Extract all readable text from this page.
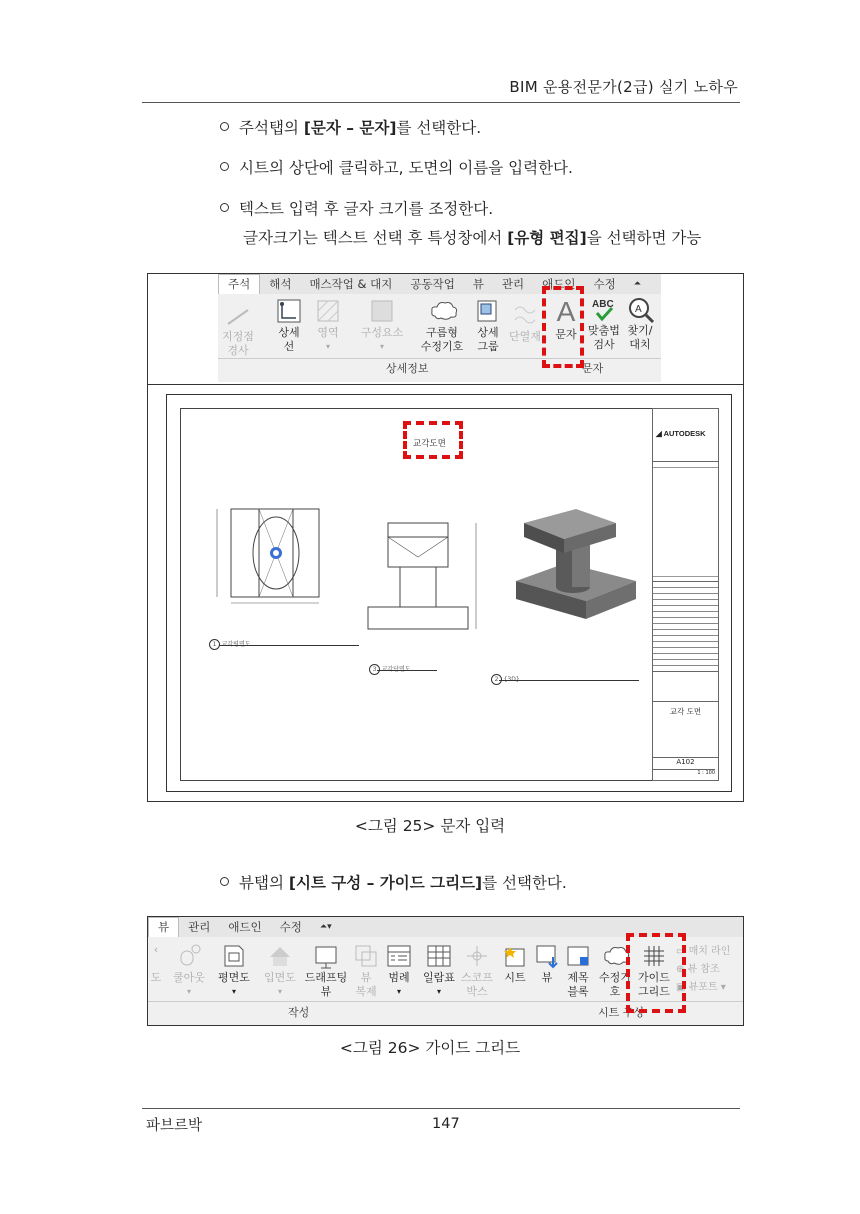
BIM 운용전문가(2급) 실기 노하우
주석탭의 [문자 – 문자]를 선택한다.
시트의 상단에 클릭하고, 도면의 이름을 입력한다.
텍스트 입력 후 글자 크기를 조정한다.
글자크기는 텍스트 선택 후 특성창에서 [유형 편집]을 선택하면 가능
주석	해석	매스작업 & 대지	공동작업	뷰	관리	애드인	수정	⏶
지정점
경사
상세
선
영역
▾
구성요소
▾
구름형
수정기호
상세
그룹
단열재
A
문자
ABC
맞춤법
검사
A
찾기/
대치
상세정보	문자
교각도면
1
3
2
◢ AUTODESK
교각 도면
A102
1 : 100
<그림 25> 문자 입력
뷰탭의 [시트 구성 – 가이드 그리드]를 선택한다.
뷰	관리	애드인	수정	⏶▾
‹
도 쿨아웃
▾
평면도
▾
입면도
▾
드래프팅
뷰
뷰
복제
범례
▾
일람표
▾
스코프
박스
시트	뷰	제목
블록
수정기호
가이드
그리드
▭ 매치 라인
⊕ 뷰 참조
▣ 뷰포트 ▾
작성	시트 구성
<그림 26> 가이드 그리드
파브르박	147
